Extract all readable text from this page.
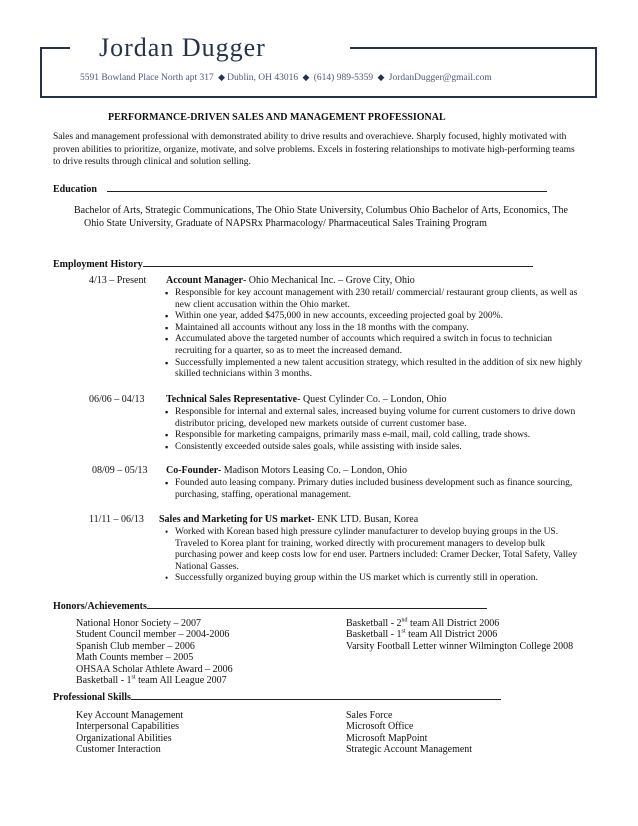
Jordan Dugger
5591 Bowland Place North apt 317 ◆ Dublin, OH 43016 ◆ (614) 989-5359 ◆ JordanDugger@gmail.com
PERFORMANCE-DRIVEN SALES AND MANAGEMENT PROFESSIONAL
Sales and management professional with demonstrated ability to drive results and overachieve. Sharply focused, highly motivated with proven abilities to prioritize, organize, motivate, and solve problems. Excels in fostering relationships to motivate high-performing teams to drive results through clinical and solution selling.
Education
Bachelor of Arts, Strategic Communications, The Ohio State University, Columbus Ohio Bachelor of Arts, Economics, The Ohio State University, Graduate of NAPSRx Pharmacology/ Pharmaceutical Sales Training Program
Employment History
4/13 – Present Account Manager- Ohio Mechanical Inc. – Grove City, Ohio
▪ Responsible for key account management with 230 retail/ commercial/ restaurant group clients, as well as new client accusation within the Ohio market.
▪ Within one year, added $475,000 in new accounts, exceeding projected goal by 200%.
▪ Maintained all accounts without any loss in the 18 months with the company.
▪ Accumulated above the targeted number of accounts which required a switch in focus to technician recruiting for a quarter, so as to meet the increased demand.
▪ Successfully implemented a new talent accusition strategy, which resulted in the addition of six new highly skilled technicians within 3 months.
06/06 – 04/13 Technical Sales Representative- Quest Cylinder Co. – London, Ohio
▪ Responsible for internal and external sales, increased buying volume for current customers to drive down distributor pricing, developed new markets outside of current customer base.
▪ Responsible for marketing campaigns, primarily mass e-mail, mail, cold calling, trade shows.
▪ Consistently exceeded outside sales goals, while assisting with inside sales.
08/09 – 05/13 Co-Founder- Madison Motors Leasing Co. – London, Ohio
▪ Founded auto leasing company. Primary duties included business development such as finance sourcing, purchasing, staffing, operational management.
11/11 – 06/13 Sales and Marketing for US market- ENK LTD. Busan, Korea
• Worked with Korean based high pressure cylinder manufacturer to develop buying groups in the US. Traveled to Korea plant for training, worked directly with procurement managers to develop bulk purchasing power and keep costs low for end user. Partners included: Cramer Decker, Total Safety, Valley National Gasses.
• Successfully organized buying group within the US market which is currently still in operation.
Honors/Achievements
National Honor Society – 2007
Student Council member – 2004-2006
Spanish Club member – 2006
Math Counts member – 2005
OHSAA Scholar Athlete Award – 2006
Basketball - 1st team All League 2007
Basketball - 2nd team All District 2006
Basketball - 1st team All District 2006
Varsity Football Letter winner Wilmington College 2008
Professional Skills
Key Account Management
Interpersonal Capabilities
Organizational Abilities
Customer Interaction
Sales Force
Microsoft Office
Microsoft MapPoint
Strategic Account Management
